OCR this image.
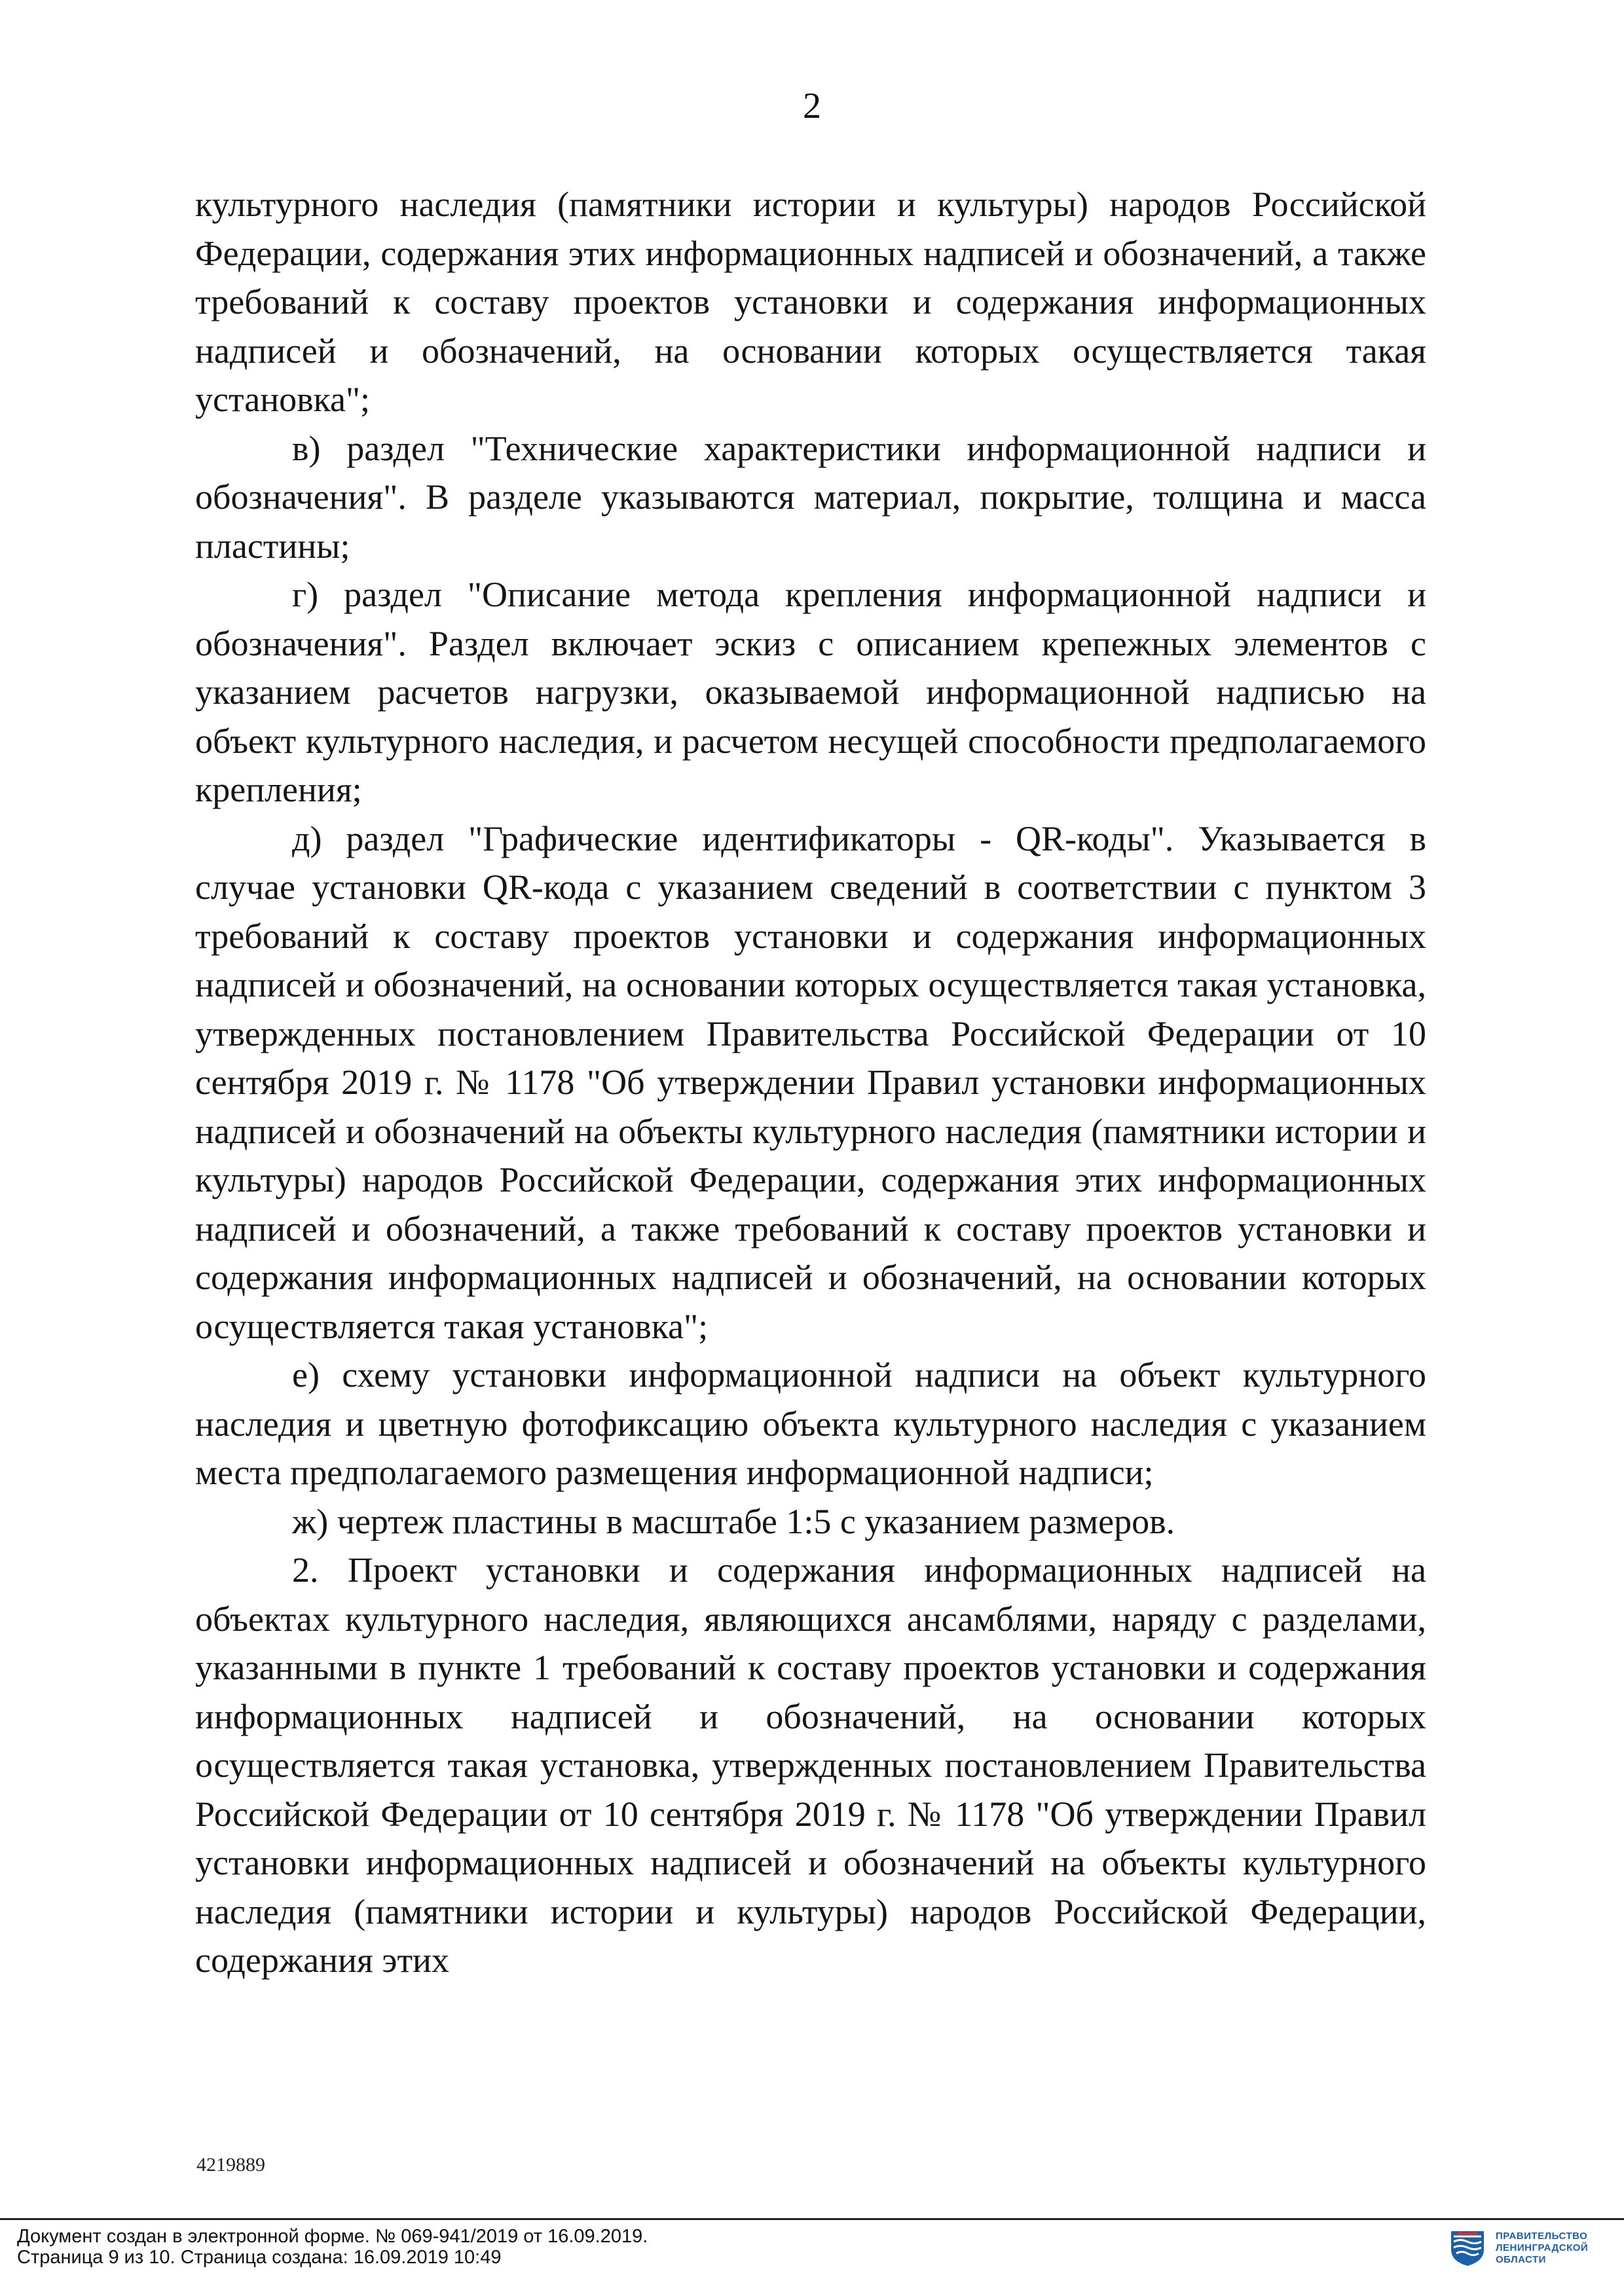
2

культурного наследия (памятники истории и культуры) народов Российской Федерации, содержания этих информационных надписей и обозначений, а также требований к составу проектов установки и содержания информационных надписей и обозначений, на основании которых осуществляется такая установка";

в) раздел "Технические характеристики информационной надписи и обозначения". В разделе указываются материал, покрытие, толщина и масса пластины;

г) раздел "Описание метода крепления информационной надписи и обозначения". Раздел включает эскиз с описанием крепежных элементов с указанием расчетов нагрузки, оказываемой информационной надписью на объект культурного наследия, и расчетом несущей способности предполагаемого крепления;

д) раздел "Графические идентификаторы - QR-коды". Указывается в случае установки QR-кода с указанием сведений в соответствии с пунктом 3 требований к составу проектов установки и содержания информационных надписей и обозначений, на основании которых осуществляется такая установка, утвержденных постановлением Правительства Российской Федерации от 10 сентября 2019 г. № 1178 "Об утверждении Правил установки информационных надписей и обозначений на объекты культурного наследия (памятники истории и культуры) народов Российской Федерации, содержания этих информационных надписей и обозначений, а также требований к составу проектов установки и содержания информационных надписей и обозначений, на основании которых осуществляется такая установка";

е) схему установки информационной надписи на объект культурного наследия и цветную фотофиксацию объекта культурного наследия с указанием места предполагаемого размещения информационной надписи;

ж) чертеж пластины в масштабе 1:5 с указанием размеров.

2. Проект установки и содержания информационных надписей на объектах культурного наследия, являющихся ансамблями, наряду с разделами, указанными в пункте 1 требований к составу проектов установки и содержания информационных надписей и обозначений, на основании которых осуществляется такая установка, утвержденных постановлением Правительства Российской Федерации от 10 сентября 2019 г. № 1178 "Об утверждении Правил установки информационных надписей и обозначений на объекты культурного наследия (памятники истории и культуры) народов Российской Федерации, содержания этих

4219889
Документ создан в электронной форме. № 069-941/2019 от 16.09.2019.
Страница 9 из 10. Страница создана: 16.09.2019 10:49
ПРАВИТЕЛЬСТВО
ЛЕНИНГРАДСКОЙ
ОБЛАСТИ
